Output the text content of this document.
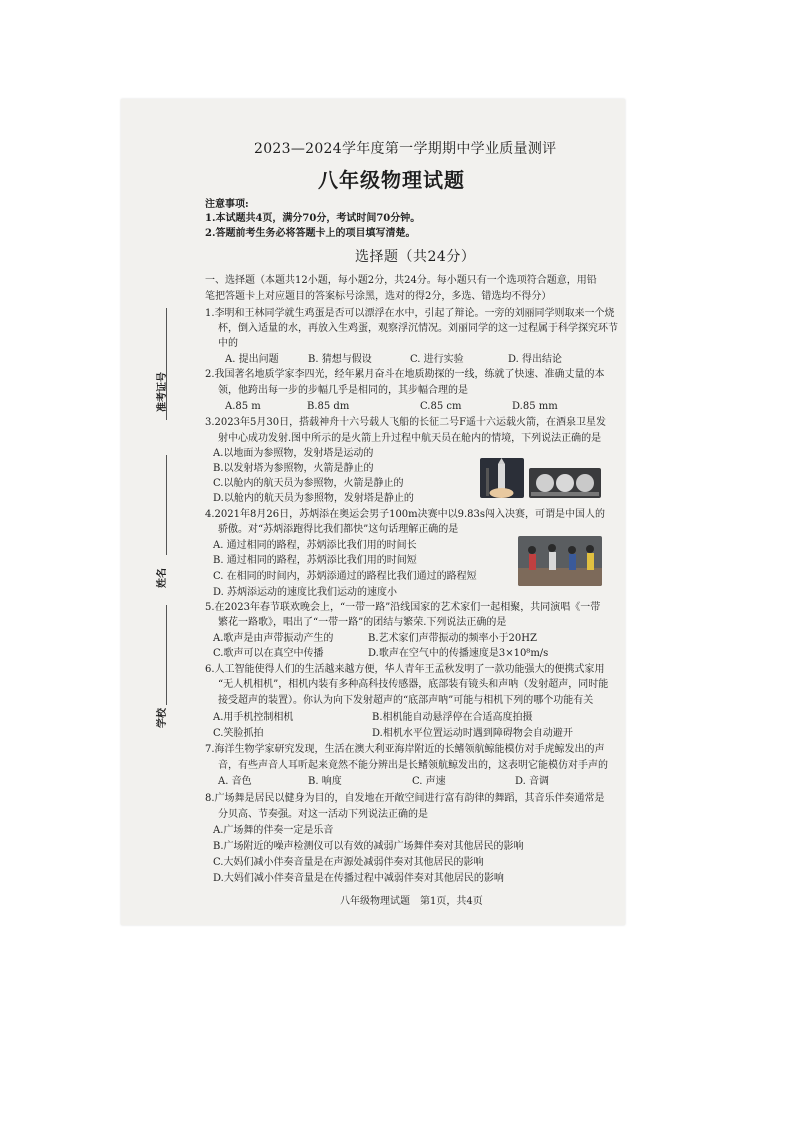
2023—2024学年度第一学期期中学业质量测评
八年级物理试题
注意事项:
1.本试题共4页，满分70分，考试时间70分钟。
2.答题前考生务必将答题卡上的项目填写清楚。
选择题（共24分）
一、选择题（本题共12小题，每小题2分，共24分。每小题只有一个选项符合题意，用铅
笔把答题卡上对应题目的答案标号涂黑，选对的得2分，多选、错选均不得分）
准考证号
姓名
学校
1.李明和王林同学就生鸡蛋是否可以漂浮在水中，引起了辩论。一旁的刘丽同学则取来一个烧
杯，倒入适量的水，再放入生鸡蛋，观察浮沉情况。刘丽同学的这一过程属于科学探究环节
中的
A. 提出问题	B. 猜想与假设	C. 进行实验	D. 得出结论
2.我国著名地质学家李四光，经年累月奋斗在地质勘探的一线，练就了快速、准确丈量的本
领，他跨出每一步的步幅几乎是相同的，其步幅合理的是
A.85 m	B.85 dm	C.85 cm	D.85 mm
3.2023年5月30日，搭载神舟十六号载人飞船的长征二号F遥十六运载火箭，在酒泉卫星发
射中心成功发射.图中所示的是火箭上升过程中航天员在舱内的情境，下列说法正确的是
A.以地面为参照物，发射塔是运动的
B.以发射塔为参照物，火箭是静止的
C.以舱内的航天员为参照物，火箭是静止的
D.以舱内的航天员为参照物，发射塔是静止的
4.2021年8月26日，苏炳添在奥运会男子100m决赛中以9.83s闯入决赛，可谓是中国人的
骄傲。对“苏炳添跑得比我们都快”这句话理解正确的是
A. 通过相同的路程，苏炳添比我们用的时间长
B. 通过相同的路程，苏炳添比我们用的时间短
C. 在相同的时间内，苏炳添通过的路程比我们通过的路程短
D. 苏炳添运动的速度比我们运动的速度小
5.在2023年春节联欢晚会上，“一带一路”沿线国家的艺术家们一起相聚，共同演唱《一带
繁花一路歌》，唱出了“一带一路”的团结与繁荣.下列说法正确的是
A.歌声是由声带振动产生的	B.艺术家们声带振动的频率小于20HZ
C.歌声可以在真空中传播	D.歌声在空气中的传播速度是3×10⁸m/s
6.人工智能使得人们的生活越来越方便，华人青年王孟秋发明了一款功能强大的便携式家用
“无人机相机”，相机内装有多种高科技传感器，底部装有镜头和声呐（发射超声，同时能
接受超声的装置）。你认为向下发射超声的“底部声呐”可能与相机下列的哪个功能有关
A.用手机控制相机	B.相机能自动悬浮停在合适高度拍摄
C.笑脸抓拍	D.相机水平位置运动时遇到障碍物会自动避开
7.海洋生物学家研究发现，生活在澳大利亚海岸附近的长鳍领航鲸能模仿对手虎鲸发出的声
音，有些声音人耳听起来竟然不能分辨出是长鳍领航鲸发出的，这表明它能模仿对手声的
A. 音色	B. 响度	C. 声速	D. 音调
8.广场舞是居民以健身为目的，自发地在开敞空间进行富有韵律的舞蹈，其音乐伴奏通常是
分贝高、节奏强。对这一活动下列说法正确的是
A.广场舞的伴奏一定是乐音
B.广场附近的噪声检测仪可以有效的减弱广场舞伴奏对其他居民的影响
C.大妈们减小伴奏音量是在声源处减弱伴奏对其他居民的影响
D.大妈们减小伴奏音量是在传播过程中减弱伴奏对其他居民的影响
八年级物理试题　第1页，共4页
